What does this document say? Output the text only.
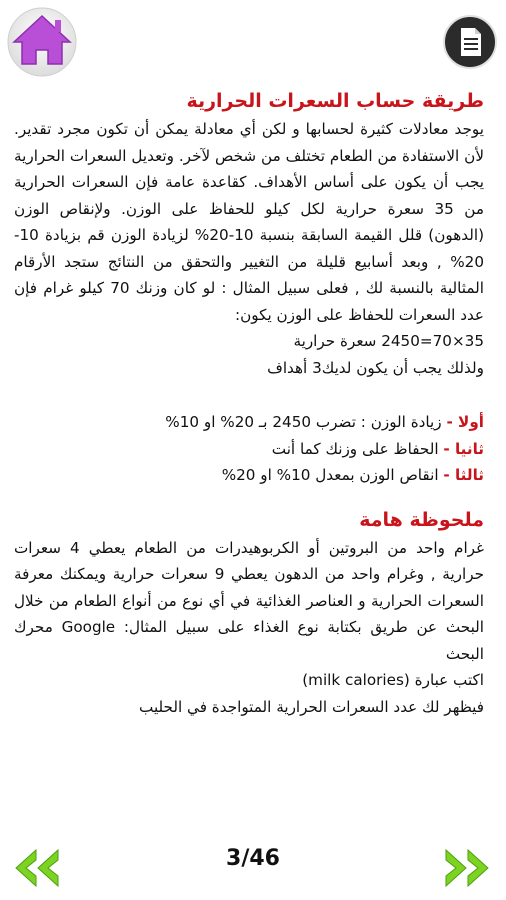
طريقة حساب السعرات الحرارية

يوجد معادلات كثيرة لحسابها و لكن أي معادلة يمكن أن تكون مجرد تقدير. لأن الاستفادة من الطعام تختلف من شخص لآخر. وتعديل السعرات الحرارية يجب أن يكون على أساس الأهداف. كقاعدة عامة فإن السعرات الحرارية من 35 سعرة حرارية لكل كيلو للحفاظ على الوزن. ولإنقاص الوزن (الدهون) قلل القيمة السابقة بنسبة 10-20% لزيادة الوزن قم بزيادة 10-20% , وبعد أسابيع قليلة من التغيير والتحقق من النتائج ستجد الأرقام المثالية بالنسبة لك , فعلى سبيل المثال : لو كان وزنك 70 كيلو غرام فإن عدد السعرات للحفاظ على الوزن يكون:

35×70=2450 سعرة حرارية

ولذلك يجب أن يكون لديك3 أهداف

أولا - زيادة الوزن : تضرب 2450 بـ 20% او 10%

ثانيا - الحفاظ على وزنك كما أنت

ثالثا - انقاص الوزن بمعدل 10% او 20%

ملحوظة هامة

غرام واحد من البروتين أو الكربوهيدرات من الطعام يعطي 4 سعرات حرارية , وغرام واحد من الدهون يعطي 9 سعرات حرارية ويمكنك معرفة السعرات الحرارية و العناصر الغذائية في أي نوع من أنواع الطعام من خلال البحث عن طريق بكتابة نوع الغذاء على سبيل المثال: Google محرك البحث

اكتب عبارة (milk calories)

فيظهر لك عدد السعرات الحرارية المتواجدة في الحليب

3/46
